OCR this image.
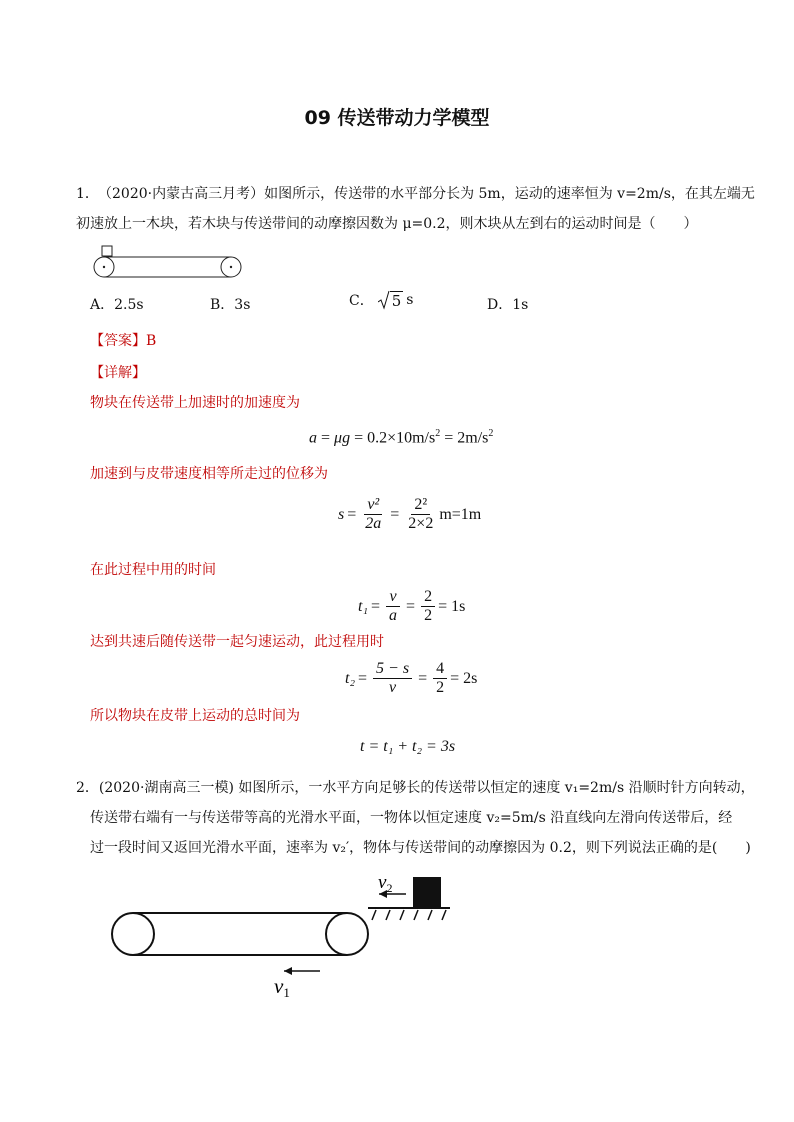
09 传送带动力学模型
1． （2020·内蒙古高三月考）如图所示，传送带的水平部分长为 5m，运动的速率恒为 v=2m/s，在其左端无
初速放上一木块，若木块与传送带间的动摩擦因数为 μ=0.2，则木块从左到右的运动时间是（　　）
A．2.5s	B．3s	C． 5 s	D．1s
【答案】B
【详解】
物块在传送带上加速时的加速度为
$a = \mu g = 0.2\times 10m/s^2 = 2m/s^2$
加速到与皮带速度相等所走过的位移为
$s = \frac{\text{v²}}{2a} = \frac{\text{2²}}{2\times 2} m=1m$
在此过程中用的时间
$t_1 = \frac{v}{a} = \frac{2}{2} = 1s$
达到共速后随传送带一起匀速运动，此过程用时
$t_2 = \frac{5 - s}{v} = \frac{4}{2} = 2s$
所以物块在皮带上运动的总时间为
t = t₁ + t₂ = 3s
2．(2020·湖南高三一模) 如图所示，一水平方向足够长的传送带以恒定的速度 v₁=2m/s 沿顺时针方向转动，
传送带右端有一与传送带等高的光滑水平面，一物体以恒定速度 v₂=5m/s 沿直线向左滑向传送带后，经
过一段时间又返回光滑水平面，速率为 v₂′，物体与传送带间的动摩擦因为 0.2，则下列说法正确的是(　　)
$v_2$
v1
